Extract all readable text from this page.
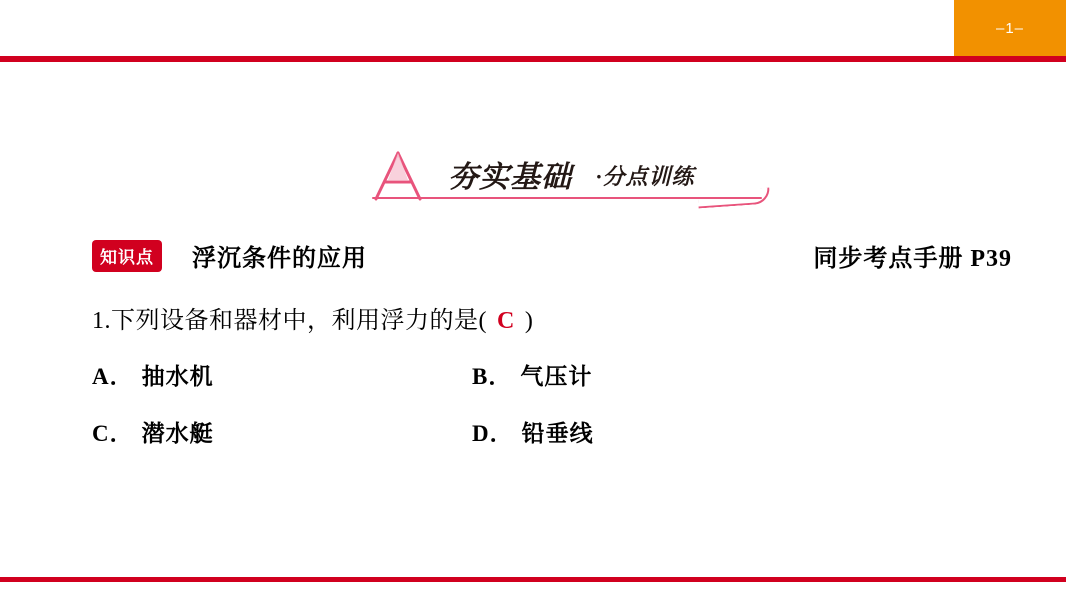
–1–
夯实基础 ·分点训练
知识点	浮沉条件的应用	同步考点手册 P39
1.下列设备和器材中，利用浮力的是( C )
A． 抽水机	B． 气压计
C． 潜水艇	D． 铅垂线
